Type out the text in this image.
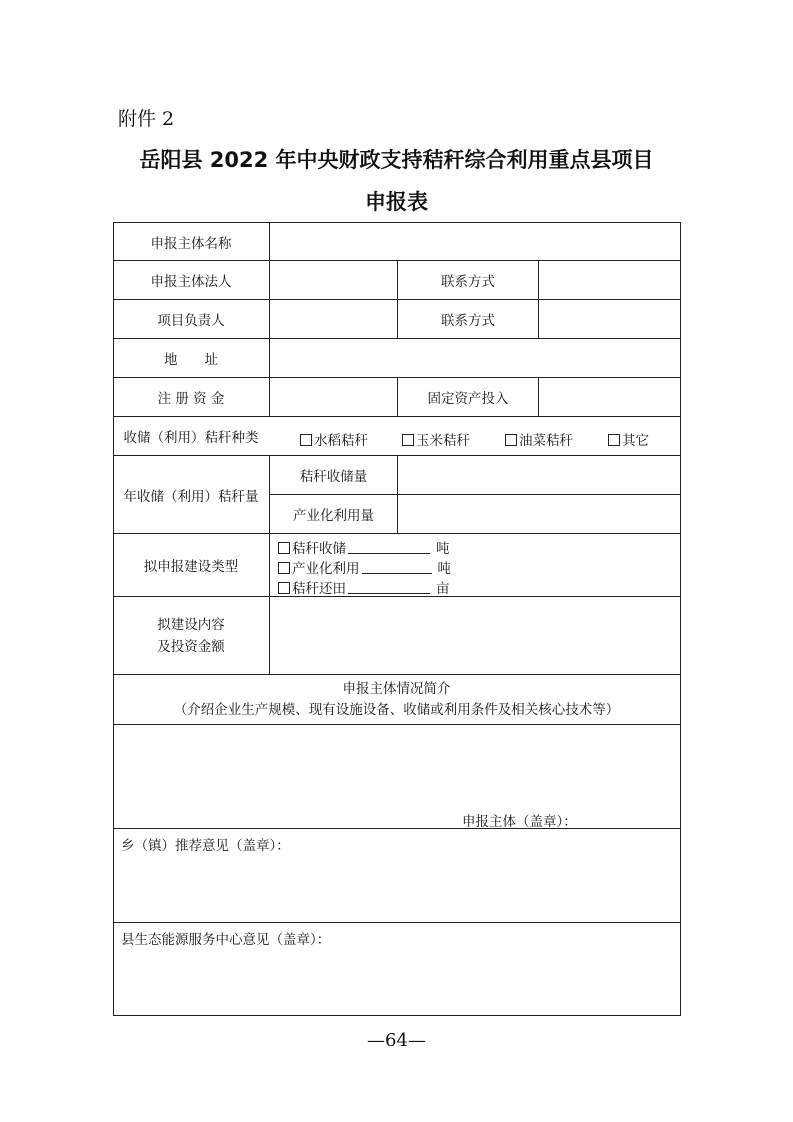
附件 2
岳阳县 2022 年中央财政支持秸秆综合利用重点县项目
申报表
申报主体名称
申报主体法人	联系方式
项目负责人	联系方式
地　　址
注 册 资 金	固定资产投入
收储（利用）秸秆种类	水稻秸秆	玉米秸秆	油菜秸秆	其它
年收储（利用）秸秆量
秸秆收储量
产业化利用量
拟申报建设类型
秸秆收储	吨
产业化利用	吨
秸秆还田	亩
拟建设内容
及投资金额
申报主体情况简介
（介绍企业生产规模、现有设施设备、收储或利用条件及相关核心技术等）
申报主体（盖章）：
乡（镇）推荐意见（盖章）：
县生态能源服务中心意见（盖章）：
—64—
